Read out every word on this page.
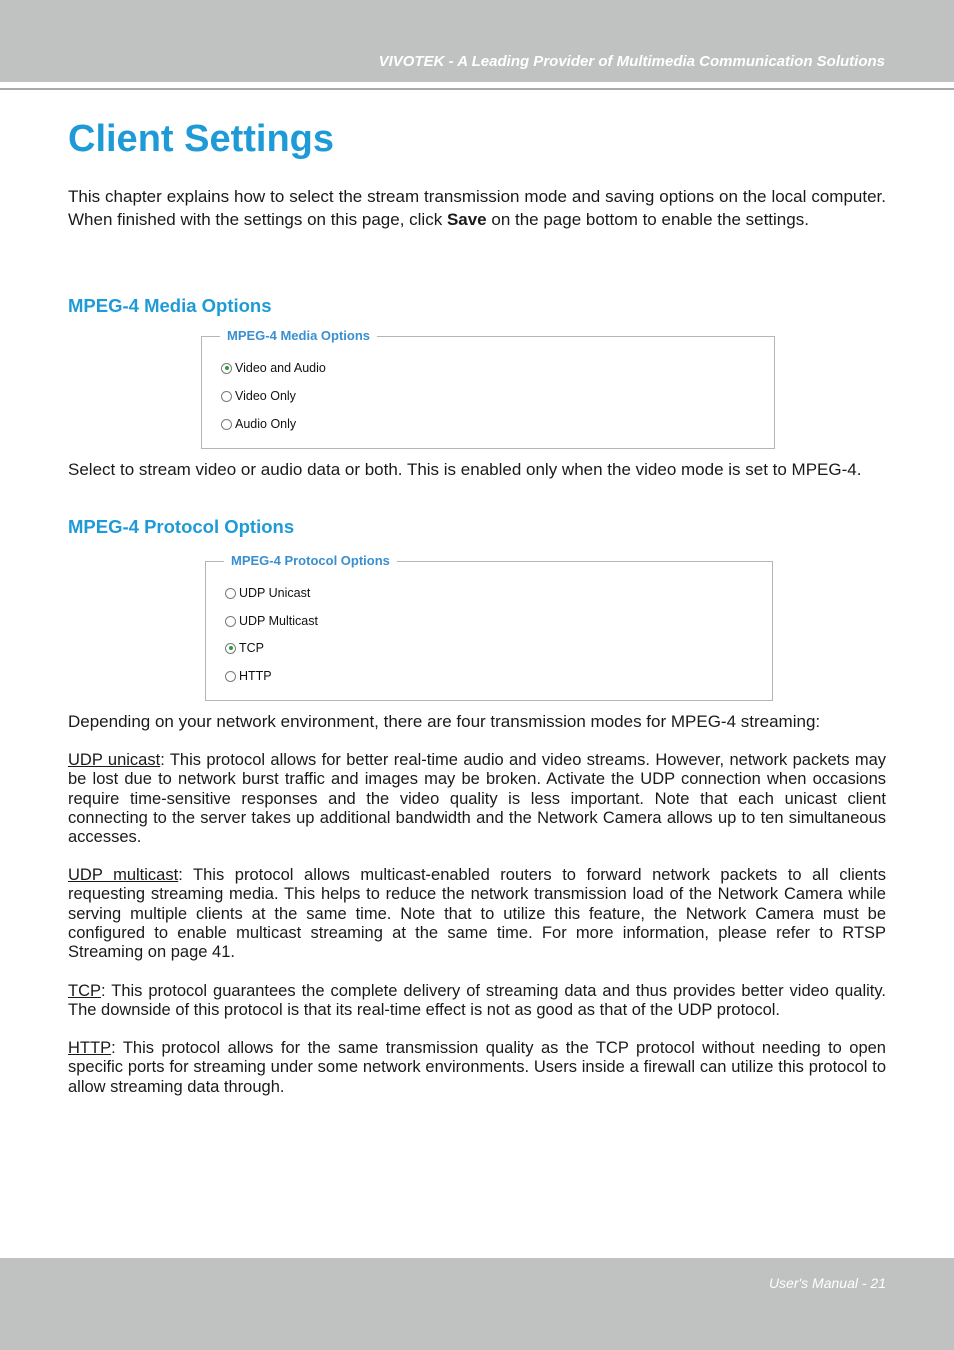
VIVOTEK - A Leading Provider of Multimedia Communication Solutions
Client Settings

This chapter explains how to select the stream transmission mode and saving options on the local computer. When finished with the settings on this page, click Save on the page bottom to enable the settings.

MPEG-4 Media Options
MPEG-4 Media Options
Video and Audio
Video Only
Audio Only

Select to stream video or audio data or both. This is enabled only when the video mode is set to MPEG-4.

MPEG-4 Protocol Options
MPEG-4 Protocol Options
UDP Unicast
UDP Multicast
TCP
HTTP

Depending on your network environment, there are four transmission modes for MPEG-4 streaming:

UDP unicast: This protocol allows for better real-time audio and video streams. However, network packets may be lost due to network burst traffic and images may be broken. Activate the UDP connection when occasions require time-sensitive responses and the video quality is less important. Note that each unicast client connecting to the server takes up additional bandwidth and the Network Camera allows up to ten simultaneous accesses.

UDP multicast: This protocol allows multicast-enabled routers to forward network packets to all clients requesting streaming media. This helps to reduce the network transmission load of the Network Camera while serving multiple clients at the same time. Note that to utilize this feature, the Network Camera must be configured to enable multicast streaming at the same time. For more information, please refer to RTSP Streaming on page 41.

TCP: This protocol guarantees the complete delivery of streaming data and thus provides better video quality. The downside of this protocol is that its real-time effect is not as good as that of the UDP protocol.

HTTP: This protocol allows for the same transmission quality as the TCP protocol without needing to open specific ports for streaming under some network environments. Users inside a firewall can utilize this protocol to allow streaming data through.

User's Manual - 21
